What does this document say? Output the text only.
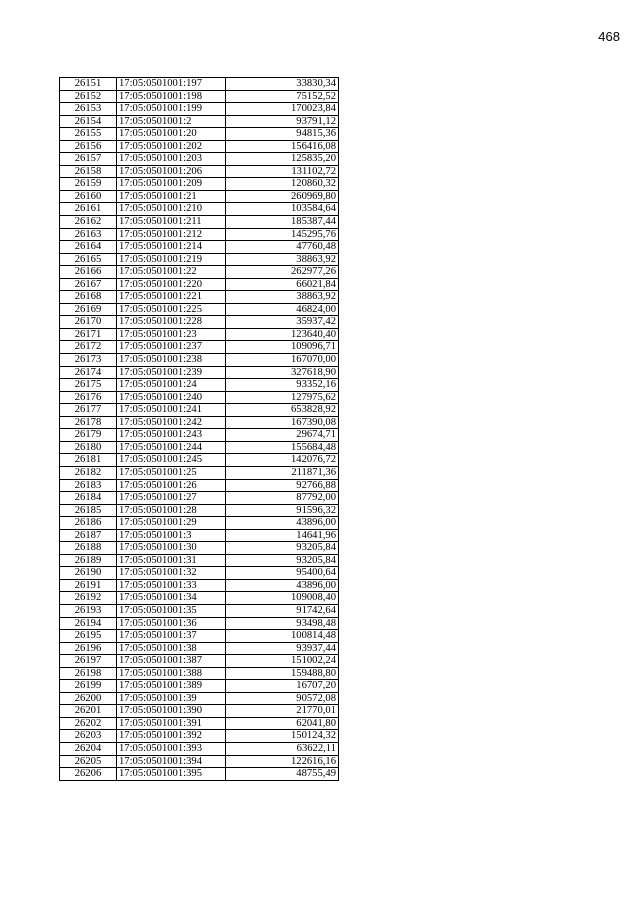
468
26151	17:05:0501001:197	33830,34
26152	17:05:0501001:198	75152,52
26153	17:05:0501001:199	170023,84
26154	17:05:0501001:2	93791,12
26155	17:05:0501001:20	94815,36
26156	17:05:0501001:202	156416,08
26157	17:05:0501001:203	125835,20
26158	17:05:0501001:206	131102,72
26159	17:05:0501001:209	120860,32
26160	17:05:0501001:21	260969,80
26161	17:05:0501001:210	103584,64
26162	17:05:0501001:211	185387,44
26163	17:05:0501001:212	145295,76
26164	17:05:0501001:214	47760,48
26165	17:05:0501001:219	38863,92
26166	17:05:0501001:22	262977,26
26167	17:05:0501001:220	66021,84
26168	17:05:0501001:221	38863,92
26169	17:05:0501001:225	46824,00
26170	17:05:0501001:228	35937,42
26171	17:05:0501001:23	123640,40
26172	17:05:0501001:237	109096,71
26173	17:05:0501001:238	167070,00
26174	17:05:0501001:239	327618,90
26175	17:05:0501001:24	93352,16
26176	17:05:0501001:240	127975,62
26177	17:05:0501001:241	653828,92
26178	17:05:0501001:242	167390,08
26179	17:05:0501001:243	29674,71
26180	17:05:0501001:244	155684,48
26181	17:05:0501001:245	142076,72
26182	17:05:0501001:25	211871,36
26183	17:05:0501001:26	92766,88
26184	17:05:0501001:27	87792,00
26185	17:05:0501001:28	91596,32
26186	17:05:0501001:29	43896,00
26187	17:05:0501001:3	14641,96
26188	17:05:0501001:30	93205,84
26189	17:05:0501001:31	93205,84
26190	17:05:0501001:32	95400,64
26191	17:05:0501001:33	43896,00
26192	17:05:0501001:34	109008,40
26193	17:05:0501001:35	91742,64
26194	17:05:0501001:36	93498,48
26195	17:05:0501001:37	100814,48
26196	17:05:0501001:38	93937,44
26197	17:05:0501001:387	151002,24
26198	17:05:0501001:388	159488,80
26199	17:05:0501001:389	16707,20
26200	17:05:0501001:39	90572,08
26201	17:05:0501001:390	21770,01
26202	17:05:0501001:391	62041,80
26203	17:05:0501001:392	150124,32
26204	17:05:0501001:393	63622,11
26205	17:05:0501001:394	122616,16
26206	17:05:0501001:395	48755,49
